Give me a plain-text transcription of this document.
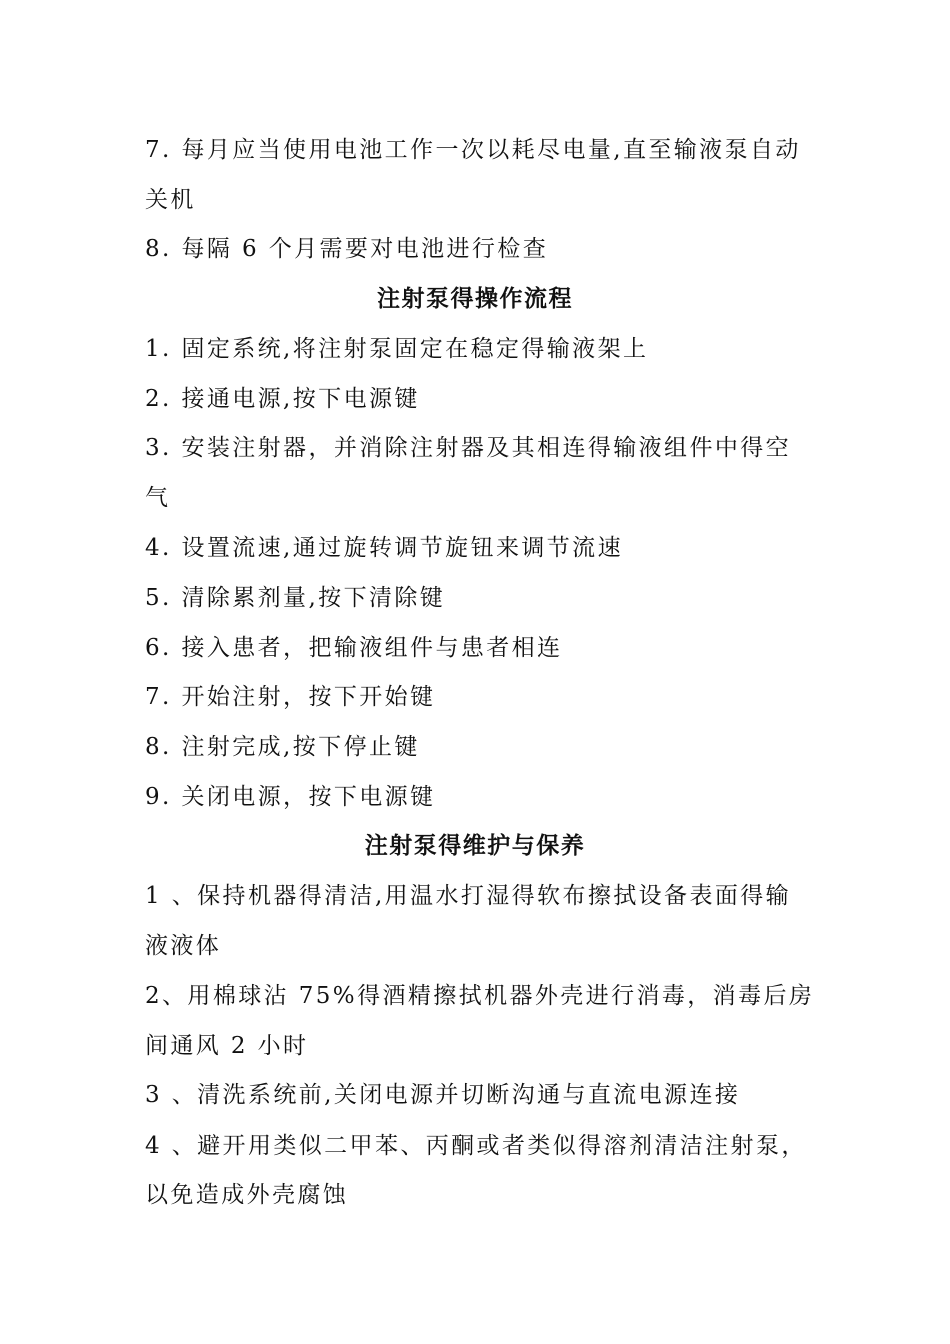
7. 每月应当使用电池工作一次以耗尽电量,直至输液泵自动
关机
8. 每隔 6 个月需要对电池进行检查
注射泵得操作流程
1. 固定系统,将注射泵固定在稳定得输液架上
2. 接通电源,按下电源键
3. 安装注射器，并消除注射器及其相连得输液组件中得空
气
4. 设置流速,通过旋转调节旋钮来调节流速
5. 清除累剂量,按下清除键
6. 接入患者，把输液组件与患者相连
7. 开始注射，按下开始键
8. 注射完成,按下停止键
9. 关闭电源，按下电源键
注射泵得维护与保养
1 、保持机器得清洁,用温水打湿得软布擦拭设备表面得输
液液体
2、用棉球沾 75%得酒精擦拭机器外壳进行消毒，消毒后房
间通风 2 小时
3 、清洗系统前,关闭电源并切断沟通与直流电源连接
4 、避开用类似二甲苯、丙酮或者类似得溶剂清洁注射泵，
以免造成外壳腐蚀
